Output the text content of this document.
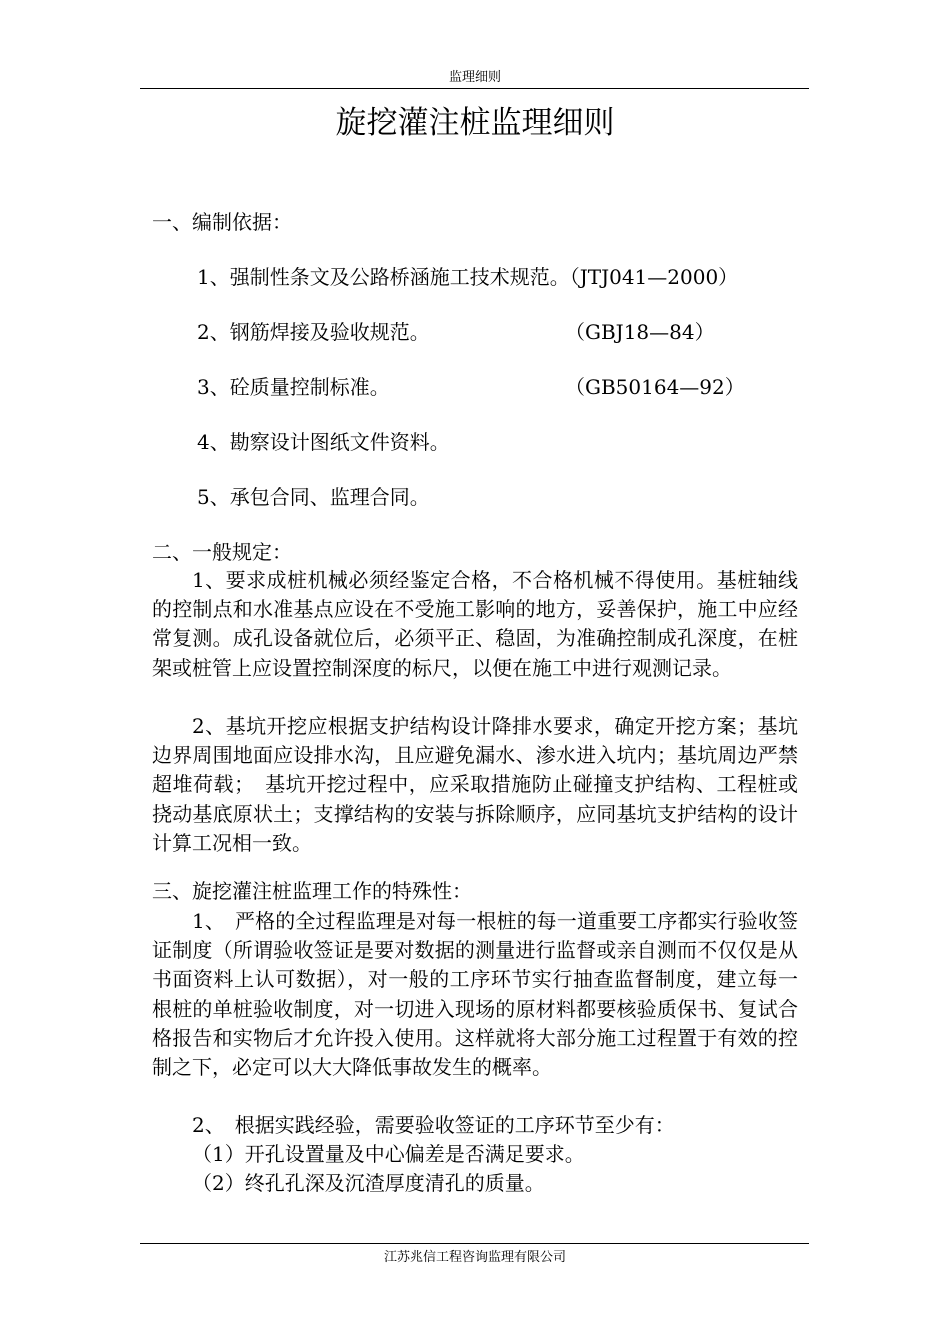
监理细则
旋挖灌注桩监理细则
一、编制依据：
1、强制性条文及公路桥涵施工技术规范。（JTJ041—2000）
2、钢筋焊接及验收规范。	（GBJ18—84）
3、砼质量控制标准。	（GB50164—92）
4、勘察设计图纸文件资料。
5、承包合同、监理合同。
二、一般规定：
1、要求成桩机械必须经鉴定合格，不合格机械不得使用。基桩轴线的控制点和水准基点应设在不受施工影响的地方，妥善保护，施工中应经常复测。成孔设备就位后，必须平正、稳固，为准确控制成孔深度，在桩架或桩管上应设置控制深度的标尺，以便在施工中进行观测记录。
2、基坑开挖应根据支护结构设计降排水要求，确定开挖方案；基坑边界周围地面应设排水沟，且应避免漏水、渗水进入坑内；基坑周边严禁超堆荷载；　基坑开挖过程中，应采取措施防止碰撞支护结构、工程桩或挠动基底原状土；支撑结构的安装与拆除顺序，应同基坑支护结构的设计计算工况相一致。
三、旋挖灌注桩监理工作的特殊性：
1、　严格的全过程监理是对每一根桩的每一道重要工序都实行验收签证制度（所谓验收签证是要对数据的测量进行监督或亲自测而不仅仅是从书面资料上认可数据），对一般的工序环节实行抽查监督制度，建立每一根桩的单桩验收制度，对一切进入现场的原材料都要核验质保书、复试合格报告和实物后才允许投入使用。这样就将大部分施工过程置于有效的控制之下，必定可以大大降低事故发生的概率。
2、　根据实践经验，需要验收签证的工序环节至少有：
（1）开孔设置量及中心偏差是否满足要求。
（2）终孔孔深及沉渣厚度清孔的质量。
江苏兆信工程咨询监理有限公司
